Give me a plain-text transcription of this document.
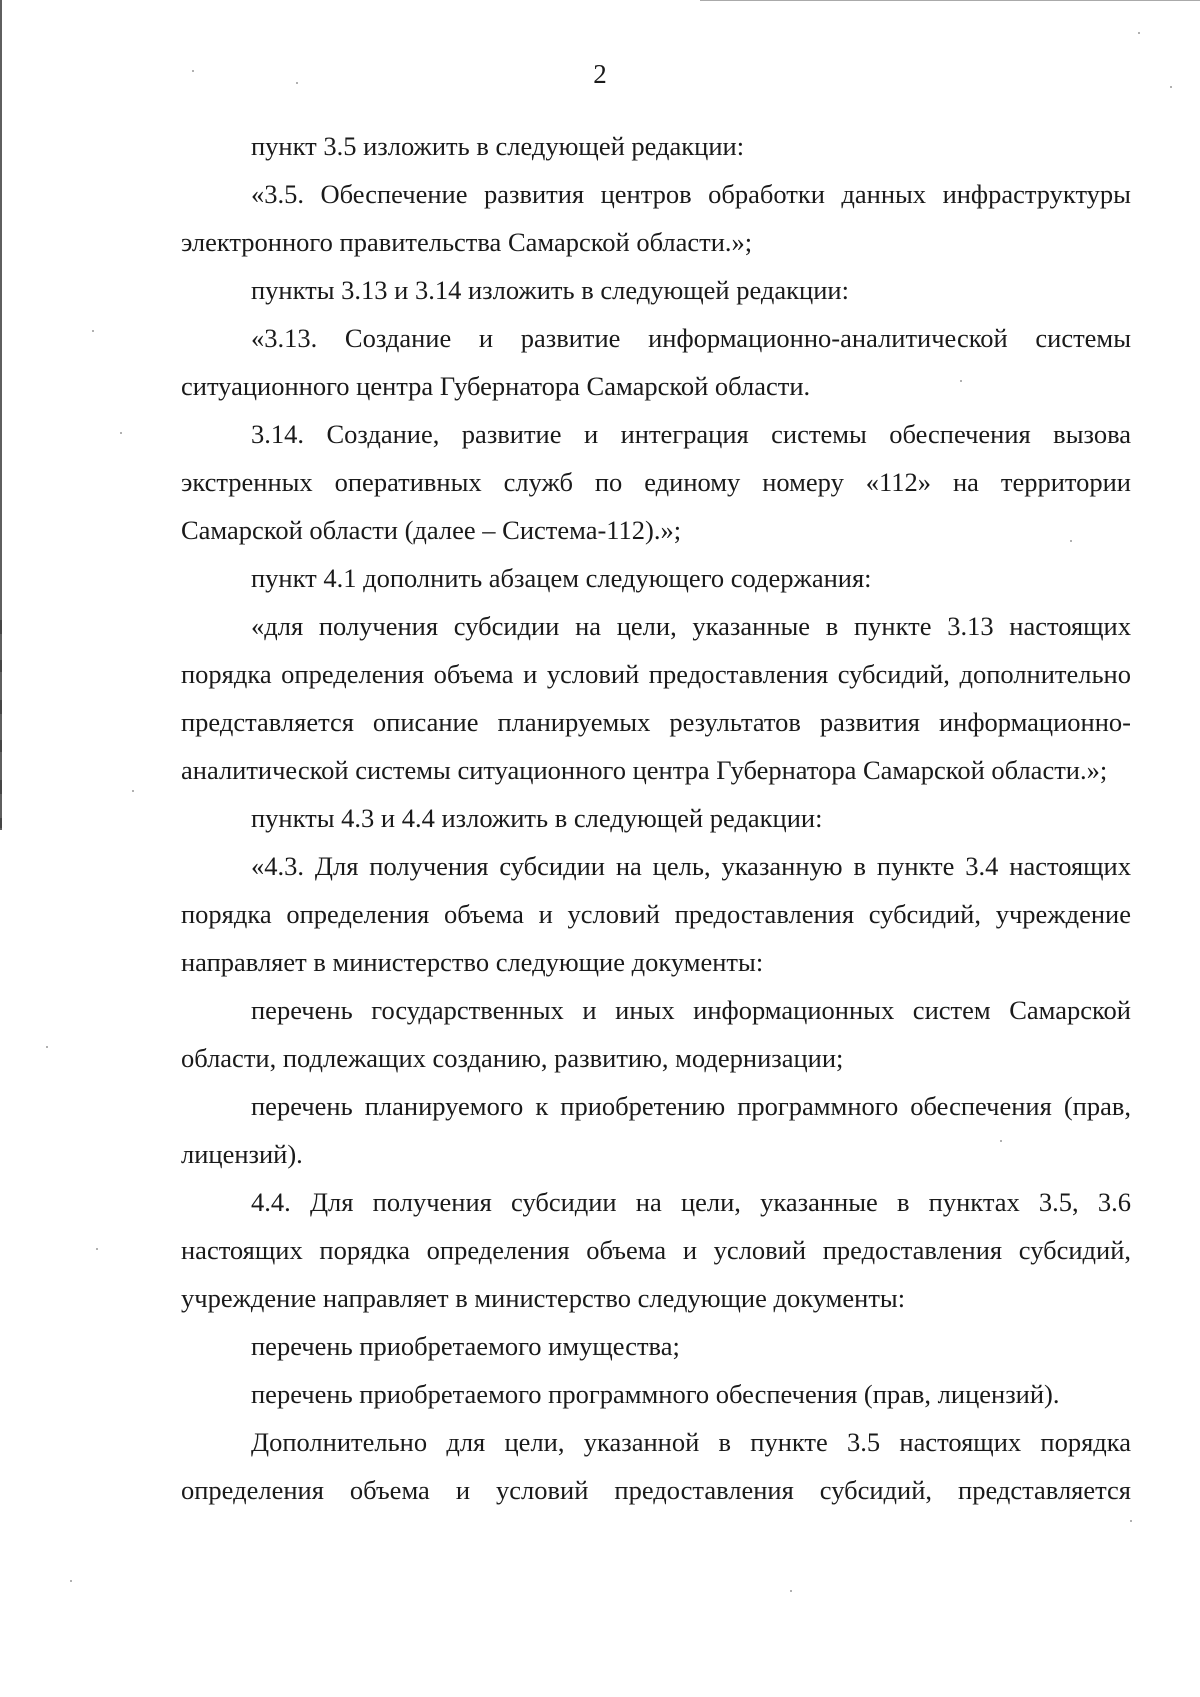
2

пункт 3.5 изложить в следующей редакции:

«3.5. Обеспечение развития центров обработки данных инфраструктуры электронного правительства Самарской области.»;

пункты 3.13 и 3.14 изложить в следующей редакции:

«3.13. Создание и развитие информационно-аналитической системы ситуационного центра Губернатора Самарской области.

3.14. Создание, развитие и интеграция системы обеспечения вызова экстренных оперативных служб по единому номеру «112» на территории Самарской области (далее – Система-112).»;

пункт 4.1 дополнить абзацем следующего содержания:

«для получения субсидии на цели, указанные в пункте 3.13 настоящих порядка определения объема и условий предоставления субсидий, дополнительно представляется описание планируемых результатов развития информационно-аналитической системы ситуационного центра Губернатора Самарской области.»;

пункты 4.3 и 4.4 изложить в следующей редакции:

«4.3. Для получения субсидии на цель, указанную в пункте 3.4 настоящих порядка определения объема и условий предоставления субсидий, учреждение направляет в министерство следующие документы:

перечень государственных и иных информационных систем Самарской области, подлежащих созданию, развитию, модернизации;

перечень планируемого к приобретению программного обеспечения (прав, лицензий).

4.4. Для получения субсидии на цели, указанные в пунктах 3.5, 3.6 настоящих порядка определения объема и условий предоставления субсидий, учреждение направляет в министерство следующие документы:

перечень приобретаемого имущества;

перечень приобретаемого программного обеспечения (прав, лицензий).

Дополнительно для цели, указанной в пункте 3.5 настоящих порядка определения объема и условий предоставления субсидий, представляется
